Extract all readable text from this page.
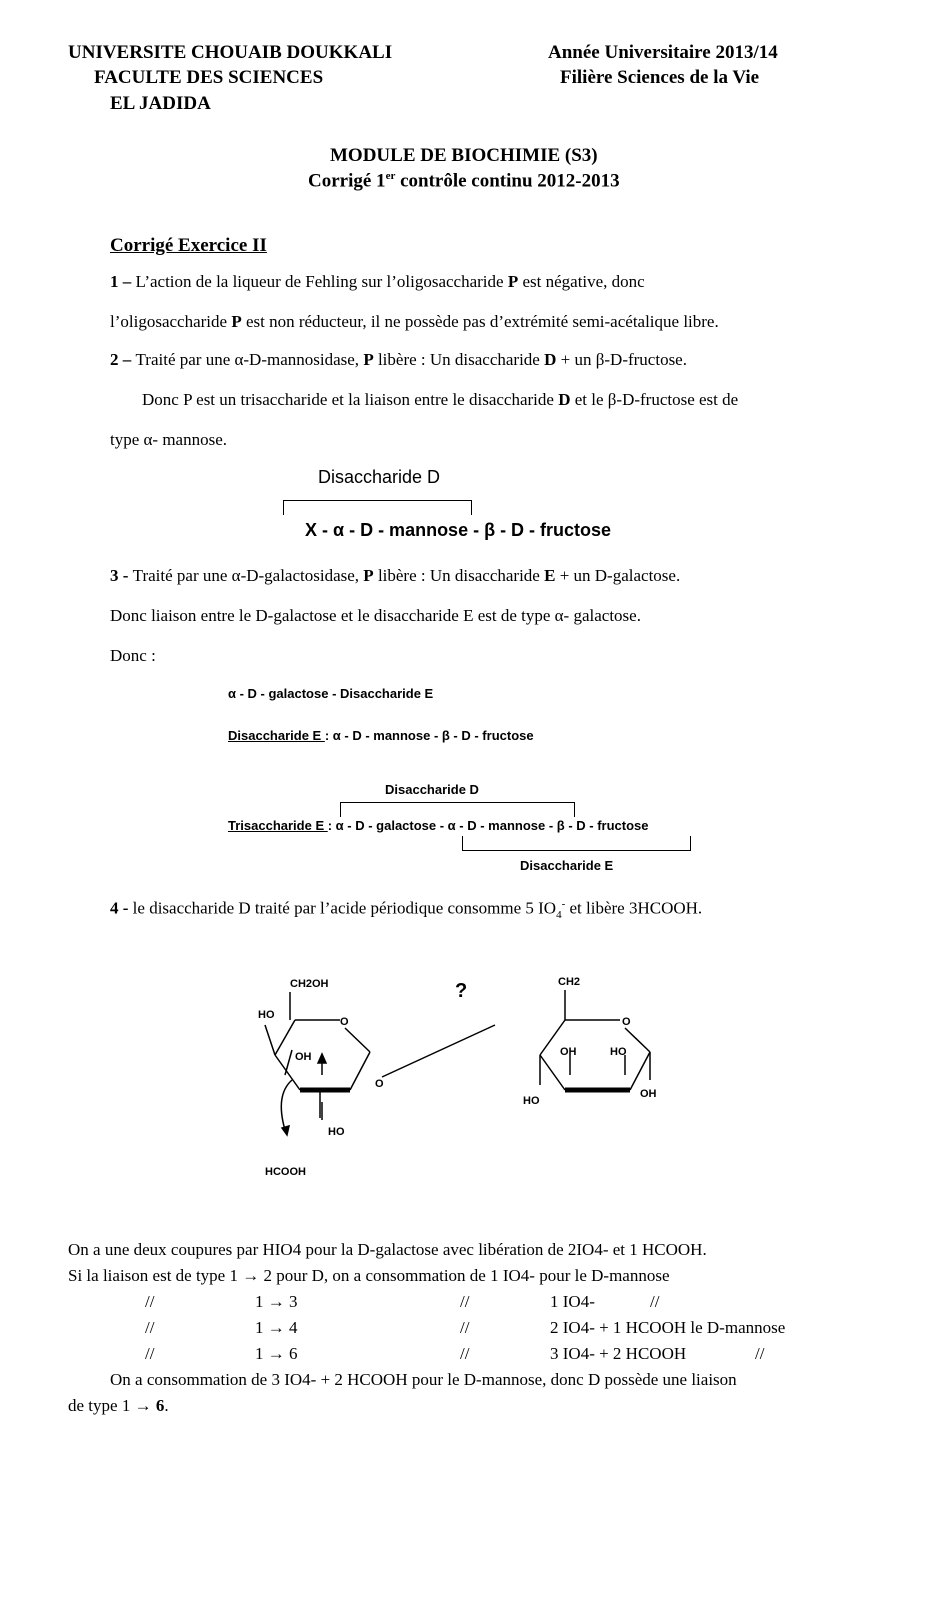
UNIVERSITE CHOUAIB DOUKKALI
FACULTE DES SCIENCES
EL JADIDA
Année Universitaire 2013/14
Filière Sciences de la Vie
MODULE DE BIOCHIMIE (S3)
Corrigé 1er contrôle continu 2012-2013
Corrigé Exercice II
1 – L’action de la liqueur de Fehling sur l’oligosaccharide P est négative, donc
l’oligosaccharide P est non réducteur, il ne possède pas d’extrémité semi-acétalique libre.
2 – Traité par une α-D-mannosidase, P libère : Un disaccharide D + un β-D-fructose.
Donc P est un trisaccharide et la liaison entre le disaccharide D et le β-D-fructose est de
type α- mannose.
Disaccharide D
X - α - D - mannose - β - D - fructose
3 - Traité par une α-D-galactosidase, P libère : Un disaccharide E + un D-galactose.
Donc liaison entre le D-galactose et le disaccharide E est de type α- galactose.
Donc :
α - D - galactose - Disaccharide E
Disaccharide E : α - D - mannose - β - D - fructose
Disaccharide D
Trisaccharide E : α - D - galactose - α - D - mannose - β - D - fructose
Disaccharide E
4 - le disaccharide D traité par l’acide périodique consomme 5 $IO_4^-$ et libère 3HCOOH.
CH2OH
HO
O
OH
O
HO
HCOOH
?	CH2
O
OH	HO
HO
OH
On a une deux coupures par HIO4 pour la D-galactose avec libération de 2IO4- et 1 HCOOH.
Si la liaison est de type 1 → 2 pour D, on a consommation de 1 IO4- pour le D-mannose
//	1 → 3	//	1 IO4-	//
//	1 → 4	//	2 IO4- + 1 HCOOH le D-mannose
//	1 → 6	//	3 IO4- + 2 HCOOH	//
On a consommation de 3 IO4- + 2 HCOOH pour le D-mannose, donc D possède une liaison
de type 1 → 6.
